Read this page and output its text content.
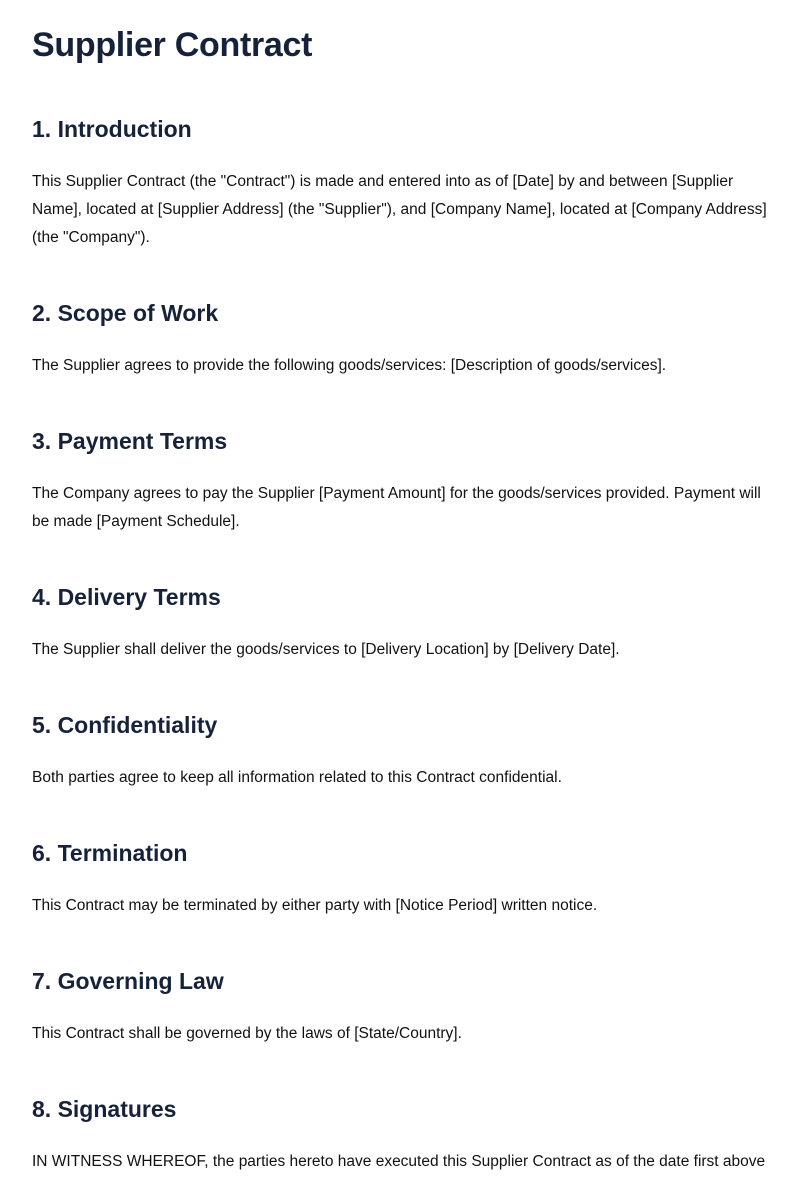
Supplier Contract
1. Introduction

This Supplier Contract (the "Contract") is made and entered into as of [Date] by and between [Supplier Name], located at [Supplier Address] (the "Supplier"), and [Company Name], located at [Company Address] (the "Company").

2. Scope of Work

The Supplier agrees to provide the following goods/services: [Description of goods/services].

3. Payment Terms

The Company agrees to pay the Supplier [Payment Amount] for the goods/services provided. Payment will be made [Payment Schedule].

4. Delivery Terms

The Supplier shall deliver the goods/services to [Delivery Location] by [Delivery Date].

5. Confidentiality

Both parties agree to keep all information related to this Contract confidential.

6. Termination

This Contract may be terminated by either party with [Notice Period] written notice.

7. Governing Law

This Contract shall be governed by the laws of [State/Country].

8. Signatures

IN WITNESS WHEREOF, the parties hereto have executed this Supplier Contract as of the date first above
